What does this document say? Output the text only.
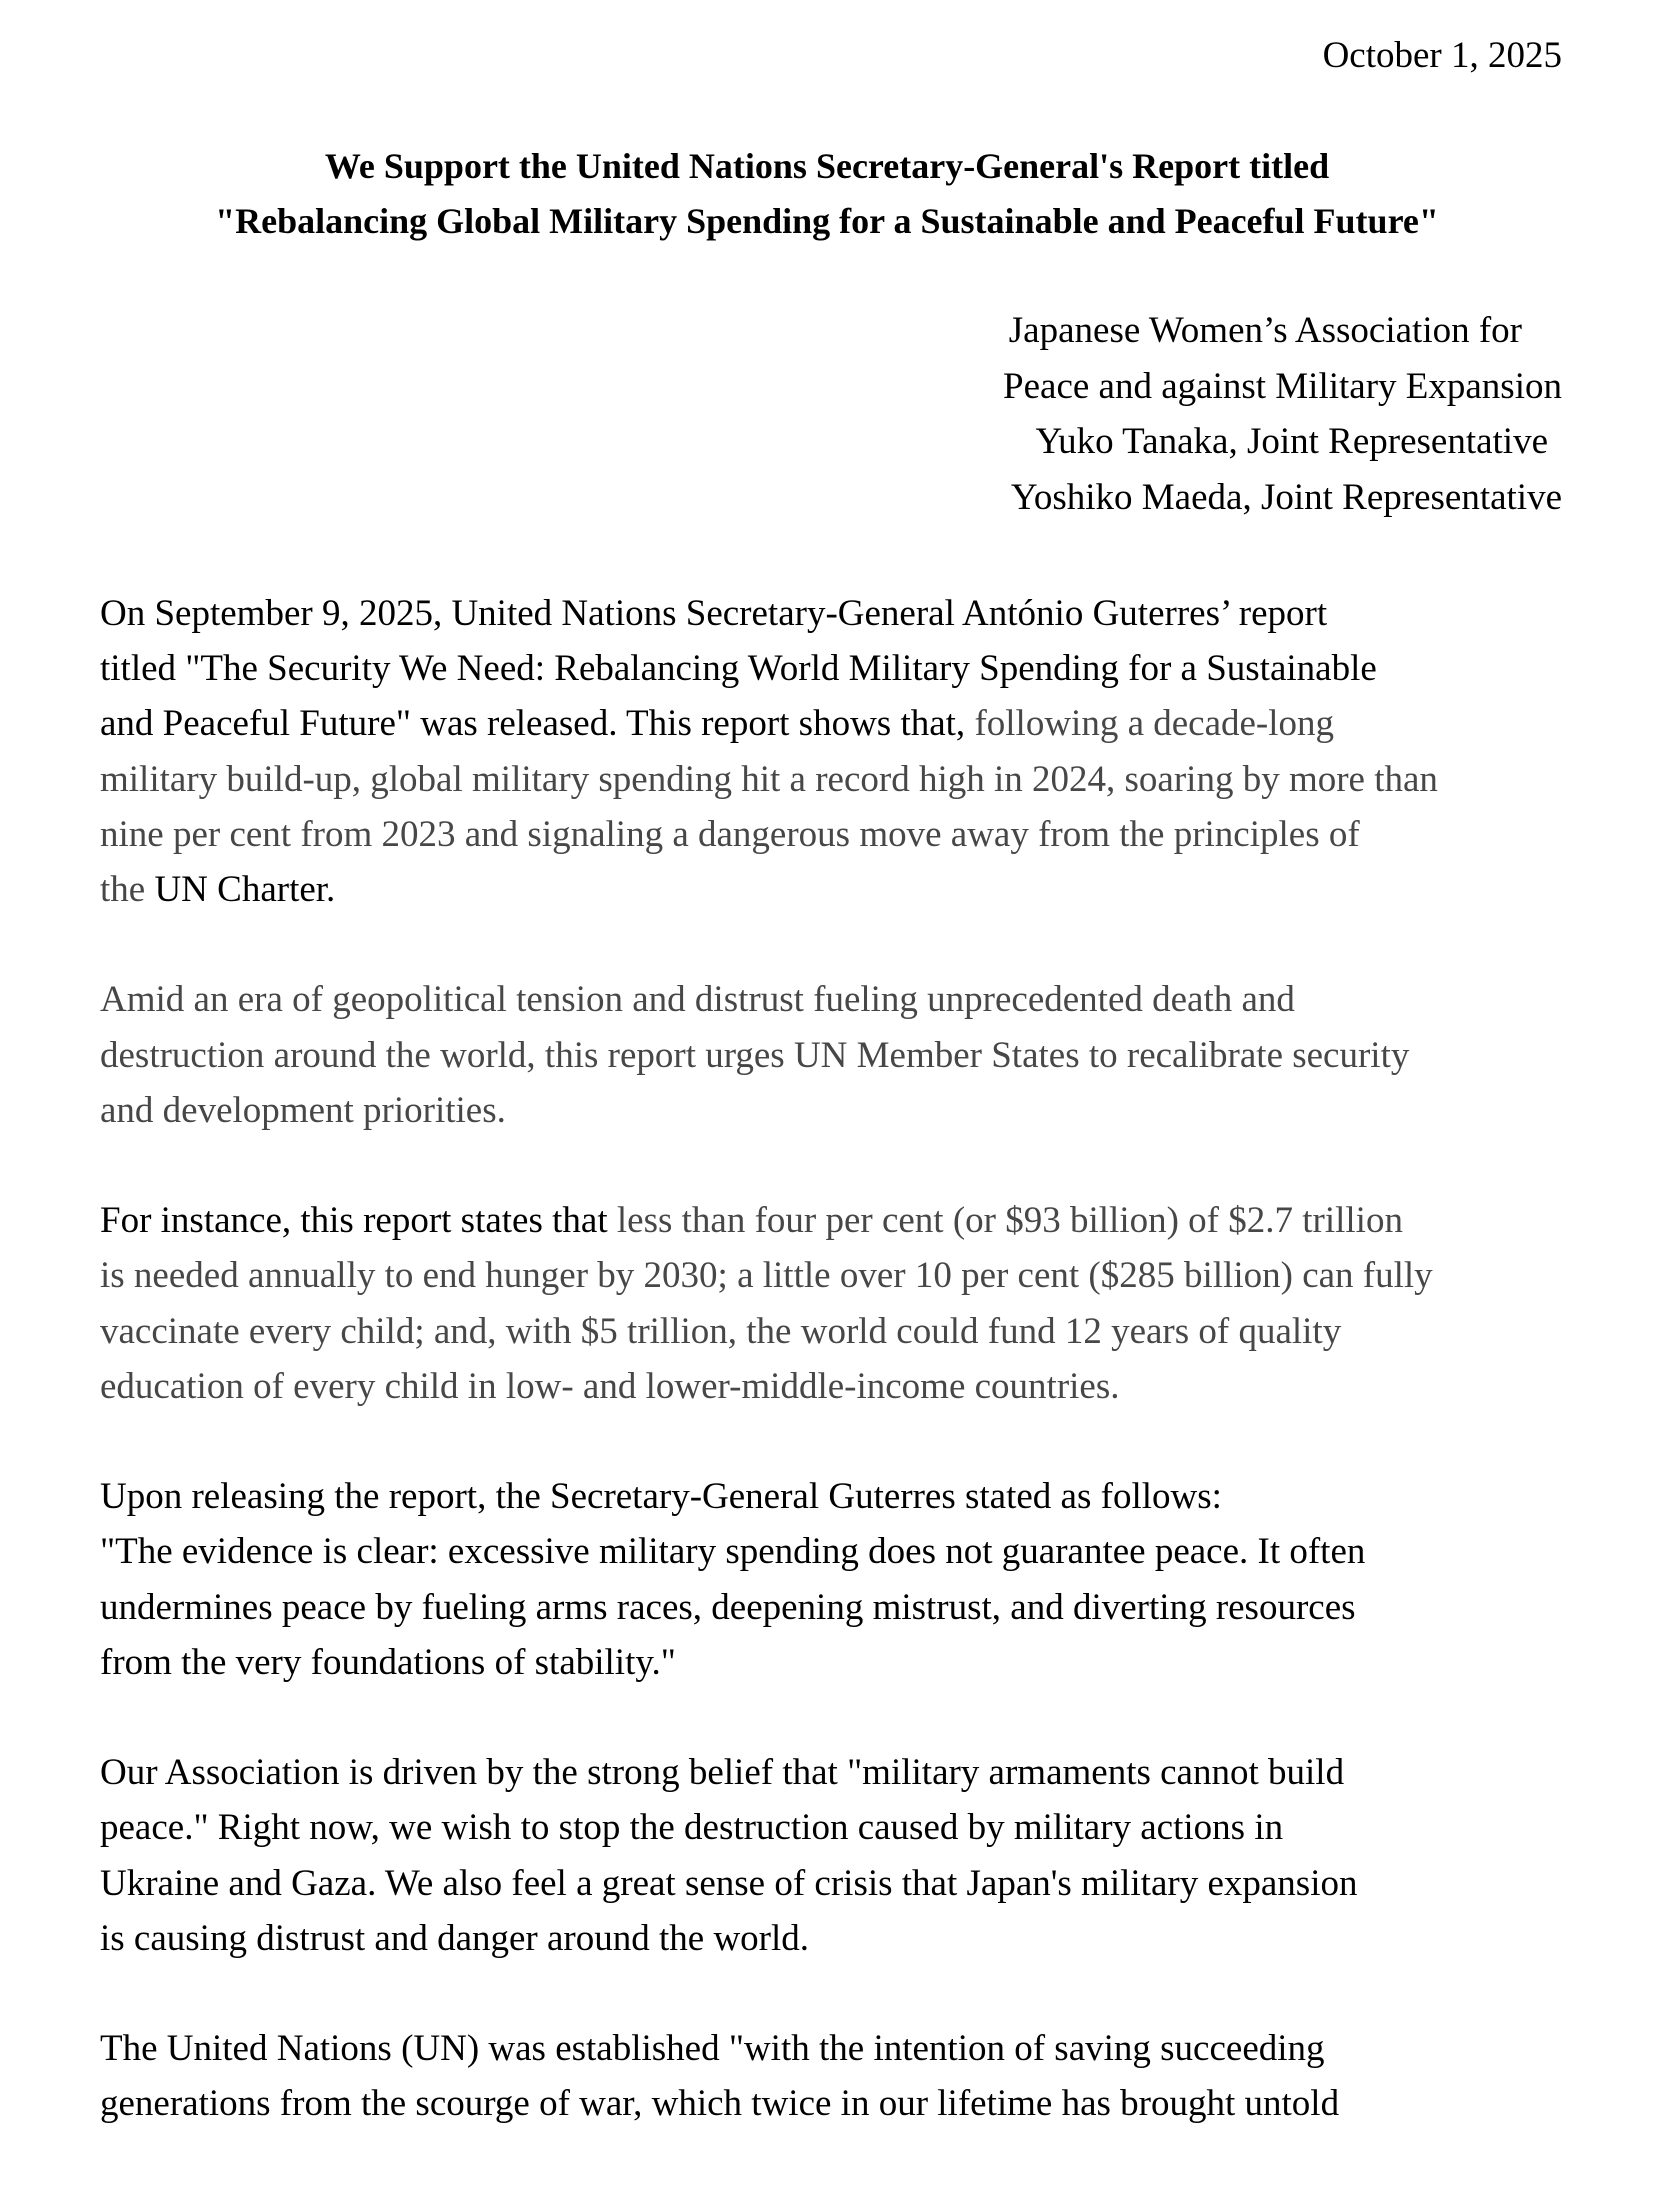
October 1, 2025
We Support the United Nations Secretary-General's Report titled
"Rebalancing Global Military Spending for a Sustainable and Peaceful Future"
Japanese Women’s Association for
Peace and against Military Expansion
Yuko Tanaka, Joint Representative
Yoshiko Maeda, Joint Representative

On September 9, 2025, United Nations Secretary-General António Guterres’ report
titled "The Security We Need: Rebalancing World Military Spending for a Sustainable
and Peaceful Future" was released. This report shows that, following a decade-long
military build-up, global military spending hit a record high in 2024, soaring by more than
nine per cent from 2023 and signaling a dangerous move away from the principles of
the UN Charter.

Amid an era of geopolitical tension and distrust fueling unprecedented death and
destruction around the world, this report urges UN Member States to recalibrate security
and development priorities.

For instance, this report states that less than four per cent (or $93 billion) of $2.7 trillion
is needed annually to end hunger by 2030; a little over 10 per cent ($285 billion) can fully
vaccinate every child; and, with $5 trillion, the world could fund 12 years of quality
education of every child in low- and lower-middle-income countries.

Upon releasing the report, the Secretary-General Guterres stated as follows:
"The evidence is clear: excessive military spending does not guarantee peace. It often
undermines peace by fueling arms races, deepening mistrust, and diverting resources
from the very foundations of stability."

Our Association is driven by the strong belief that "military armaments cannot build
peace." Right now, we wish to stop the destruction caused by military actions in
Ukraine and Gaza. We also feel a great sense of crisis that Japan's military expansion
is causing distrust and danger around the world.

The United Nations (UN) was established "with the intention of saving succeeding
generations from the scourge of war, which twice in our lifetime has brought untold
